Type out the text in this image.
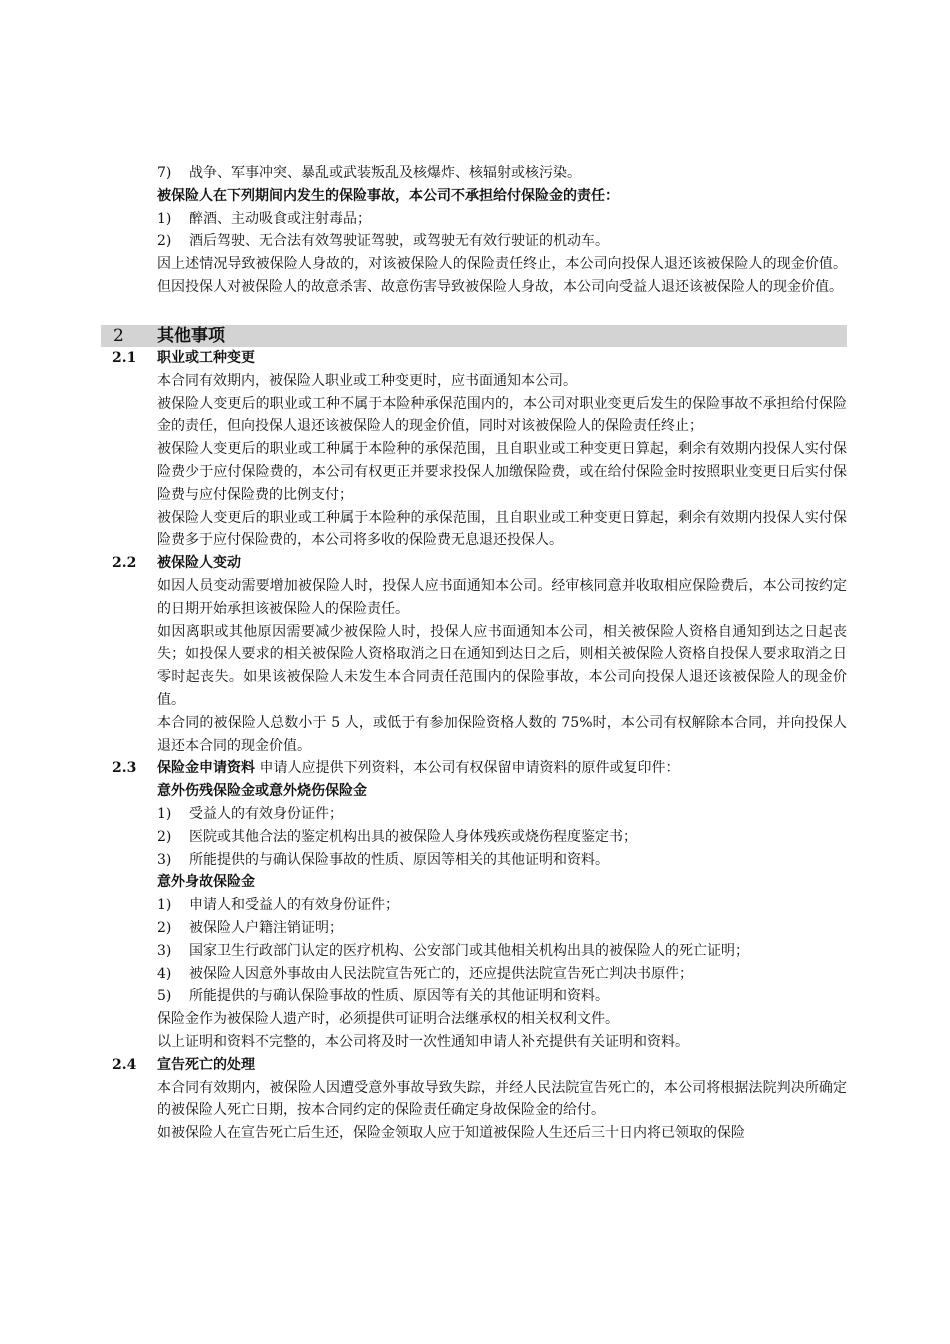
7)	战争、军事冲突、暴乱或武装叛乱及核爆炸、核辐射或核污染。

被保险人在下列期间内发生的保险事故，本公司不承担给付保险金的责任：

1)	醉酒、主动吸食或注射毒品；
2)	酒后驾驶、无合法有效驾驶证驾驶，或驾驶无有效行驶证的机动车。

因上述情况导致被保险人身故的，对该被保险人的保险责任终止，本公司向投保人退还该被保险人的现金价值。但因投保人对被保险人的故意杀害、故意伤害导致被保险人身故，本公司向受益人退还该被保险人的现金价值。

2 其他事项
2.1 职业或工种变更

本合同有效期内，被保险人职业或工种变更时，应书面通知本公司。

被保险人变更后的职业或工种不属于本险种承保范围内的，本公司对职业变更后发生的保险事故不承担给付保险金的责任，但向投保人退还该被保险人的现金价值，同时对该被保险人的保险责任终止；

被保险人变更后的职业或工种属于本险种的承保范围，且自职业或工种变更日算起，剩余有效期内投保人实付保险费少于应付保险费的，本公司有权更正并要求投保人加缴保险费，或在给付保险金时按照职业变更日后实付保险费与应付保险费的比例支付；

被保险人变更后的职业或工种属于本险种的承保范围，且自职业或工种变更日算起，剩余有效期内投保人实付保险费多于应付保险费的，本公司将多收的保险费无息退还投保人。

2.2 被保险人变动

如因人员变动需要增加被保险人时，投保人应书面通知本公司。经审核同意并收取相应保险费后，本公司按约定的日期开始承担该被保险人的保险责任。

如因离职或其他原因需要减少被保险人时，投保人应书面通知本公司，相关被保险人资格自通知到达之日起丧失；如投保人要求的相关被保险人资格取消之日在通知到达日之后，则相关被保险人资格自投保人要求取消之日零时起丧失。如果该被保险人未发生本合同责任范围内的保险事故，本公司向投保人退还该被保险人的现金价值。

本合同的被保险人总数小于 5 人，或低于有参加保险资格人数的 75%时，本公司有权解除本合同，并向投保人退还本合同的现金价值。

2.3 保险金申请资料 申请人应提供下列资料，本公司有权保留申请资料的原件或复印件：

意外伤残保险金或意外烧伤保险金

1)	受益人的有效身份证件；
2)	医院或其他合法的鉴定机构出具的被保险人身体残疾或烧伤程度鉴定书；
3)	所能提供的与确认保险事故的性质、原因等相关的其他证明和资料。

意外身故保险金

1)	申请人和受益人的有效身份证件；
2)	被保险人户籍注销证明；
3)	国家卫生行政部门认定的医疗机构、公安部门或其他相关机构出具的被保险人的死亡证明；
4)	被保险人因意外事故由人民法院宣告死亡的，还应提供法院宣告死亡判决书原件；
5)	所能提供的与确认保险事故的性质、原因等有关的其他证明和资料。

保险金作为被保险人遗产时，必须提供可证明合法继承权的相关权利文件。

以上证明和资料不完整的，本公司将及时一次性通知申请人补充提供有关证明和资料。

2.4 宣告死亡的处理

本合同有效期内，被保险人因遭受意外事故导致失踪，并经人民法院宣告死亡的，本公司将根据法院判决所确定的被保险人死亡日期，按本合同约定的保险责任确定身故保险金的给付。

如被保险人在宣告死亡后生还，保险金领取人应于知道被保险人生还后三十日内将已领取的保险
